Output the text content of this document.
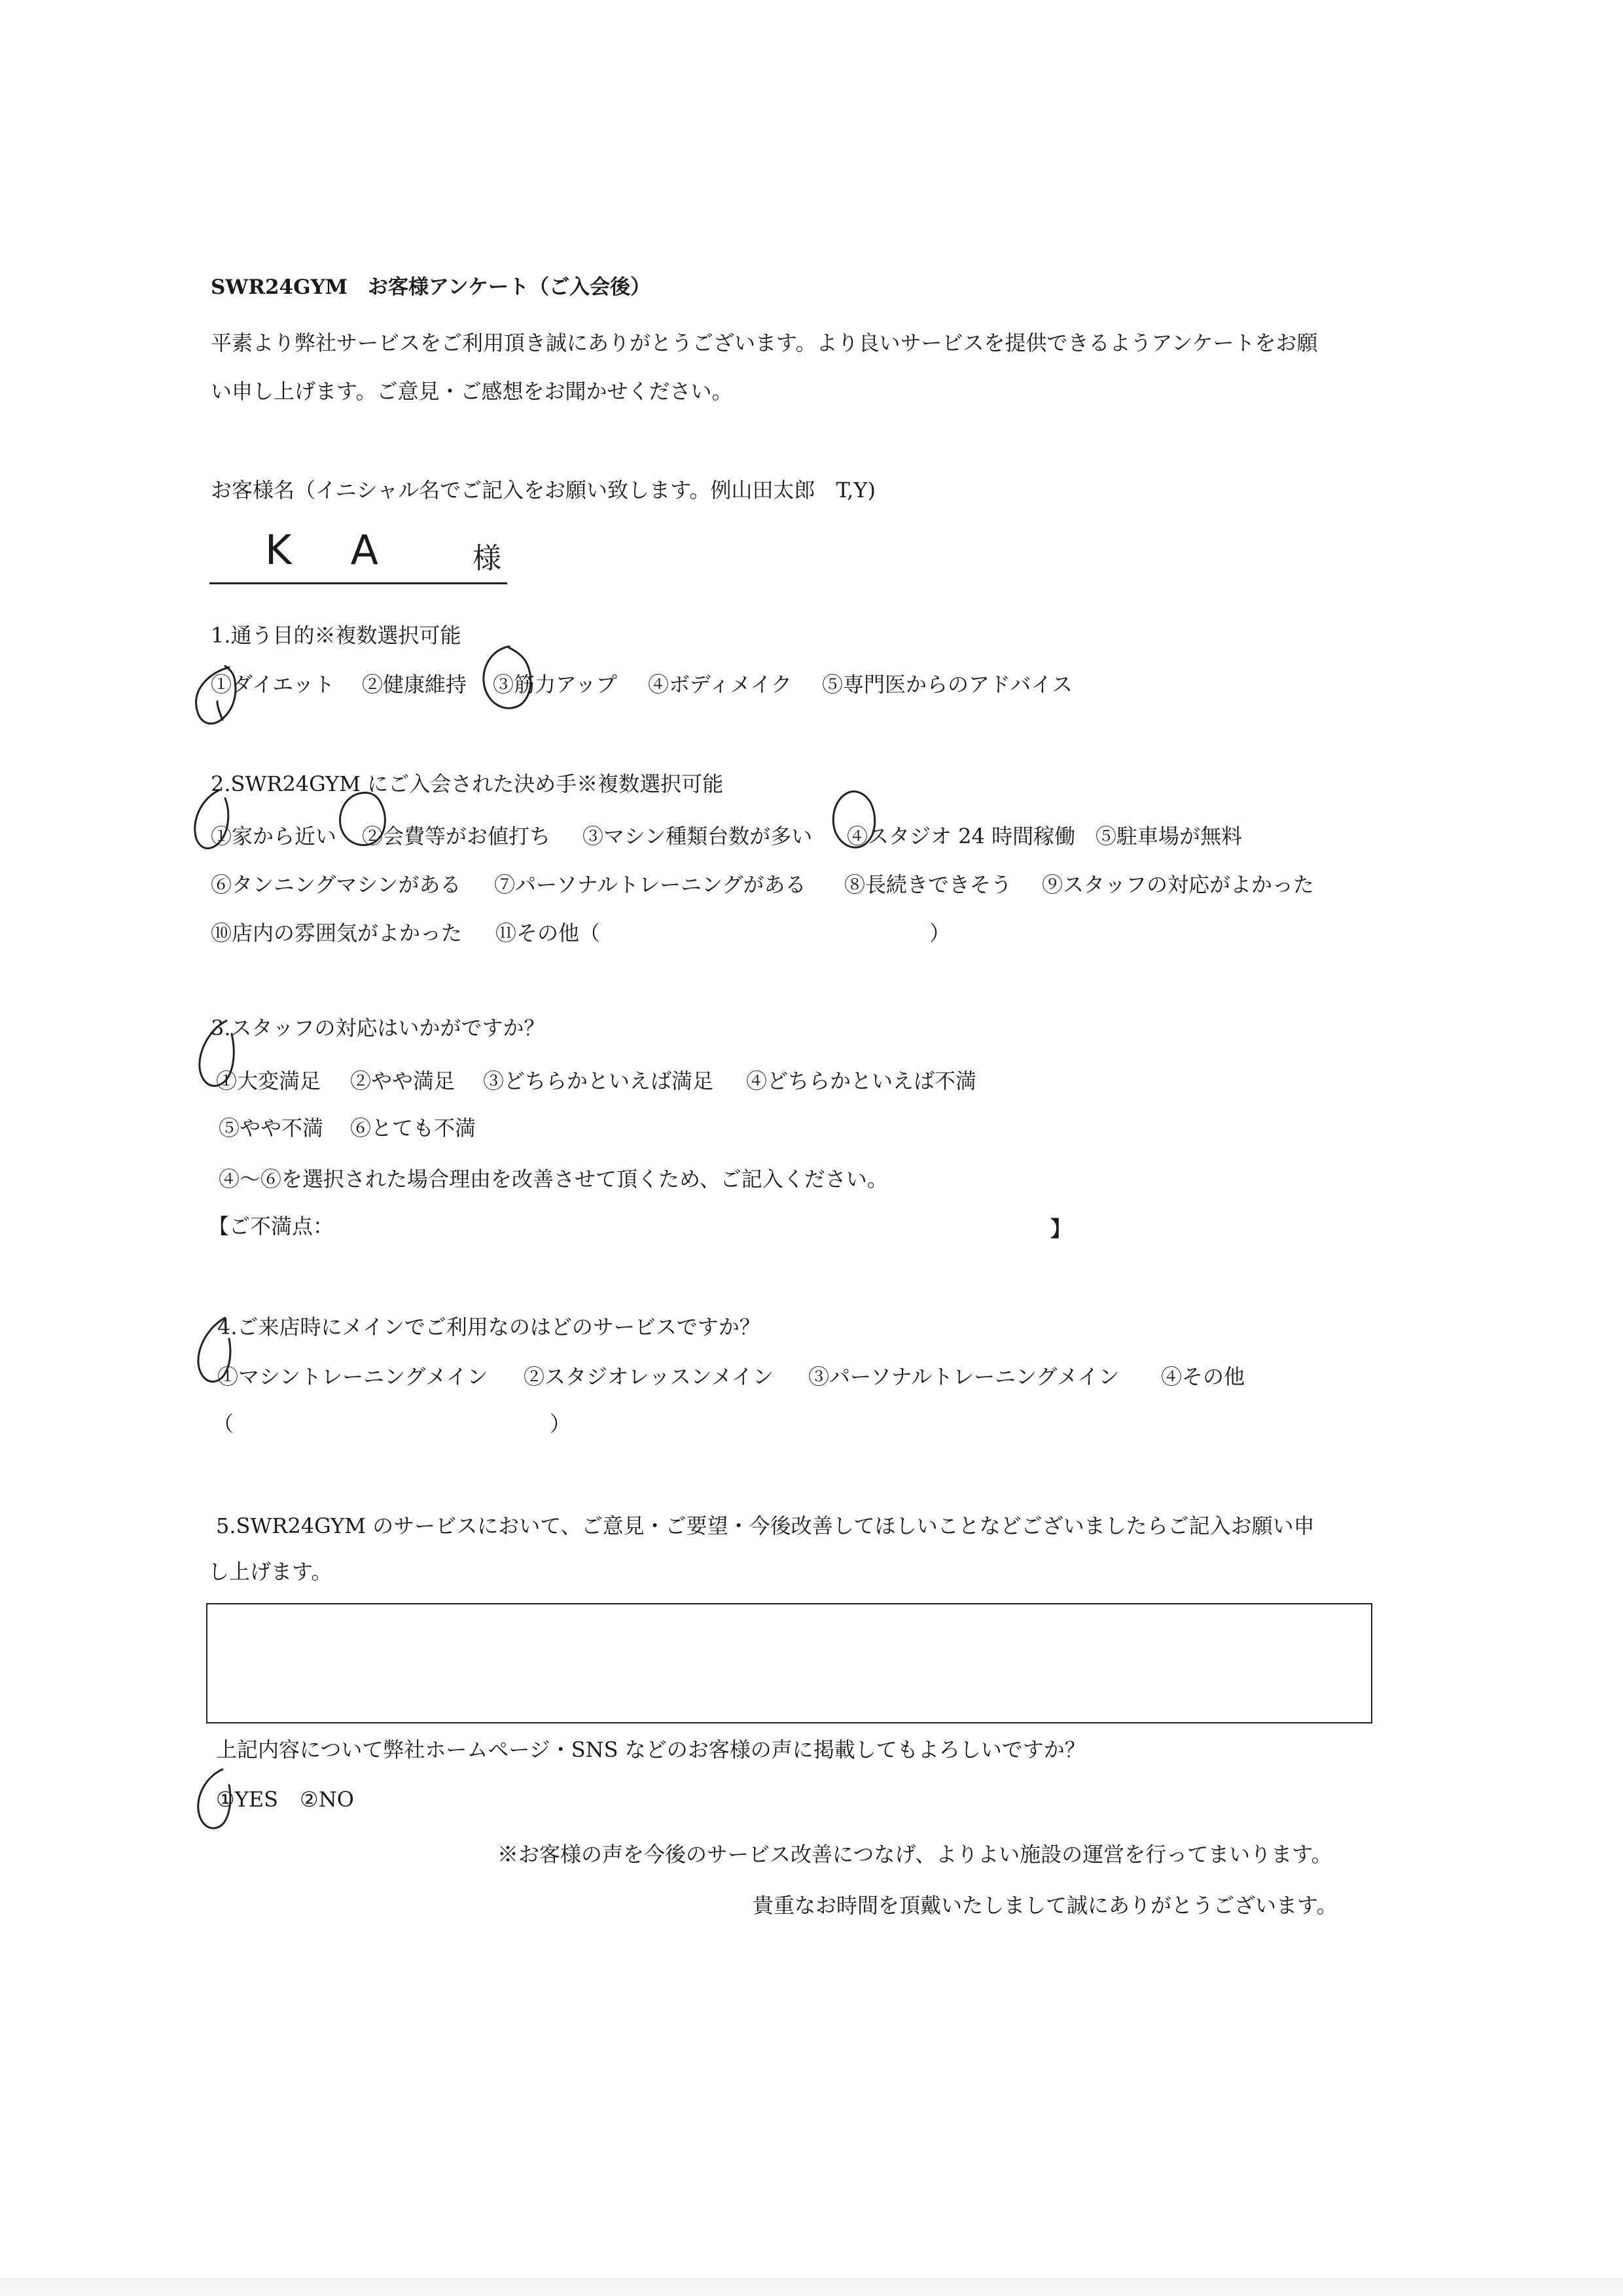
SWR24GYM　お客様アンケート（ご入会後）
平素より弊社サービスをご利用頂き誠にありがとうございます。より良いサービスを提供できるようアンケートをお願
い申し上げます。ご意見・ご感想をお聞かせください。
お客様名（イニシャル名でご記入をお願い致します。例山田太郎　T,Y)
K　A	様
1.通う目的※複数選択可能
①ダイエット ②健康維持 ③筋力アップ ④ボディメイク ⑤専門医からのアドバイス
2.SWR24GYM にご入会された決め手※複数選択可能
①家から近い ②会費等がお値打ち ③マシン種類台数が多い ④スタジオ 24 時間稼働 ⑤駐車場が無料
⑥タンニングマシンがある ⑦パーソナルトレーニングがある ⑧長続きできそう ⑨スタッフの対応がよかった
⑩店内の雰囲気がよかった ⑪その他（	）
3.スタッフの対応はいかがですか？
①大変満足 ②やや満足 ③どちらかといえば満足 ④どちらかといえば不満
⑤やや不満 ⑥とても不満
④～⑥を選択された場合理由を改善させて頂くため、ご記入ください。
【ご不満点：	】
4.ご来店時にメインでご利用なのはどのサービスですか？
①マシントレーニングメイン ②スタジオレッスンメイン ③パーソナルトレーニングメイン ④その他
（	）
5.SWR24GYM のサービスにおいて、ご意見・ご要望・今後改善してほしいことなどございましたらご記入お願い申
し上げます。
上記内容について弊社ホームページ・SNS などのお客様の声に掲載してもよろしいですか？
①YES ②NO
※お客様の声を今後のサービス改善につなげ、よりよい施設の運営を行ってまいります。
貴重なお時間を頂戴いたしまして誠にありがとうございます。
